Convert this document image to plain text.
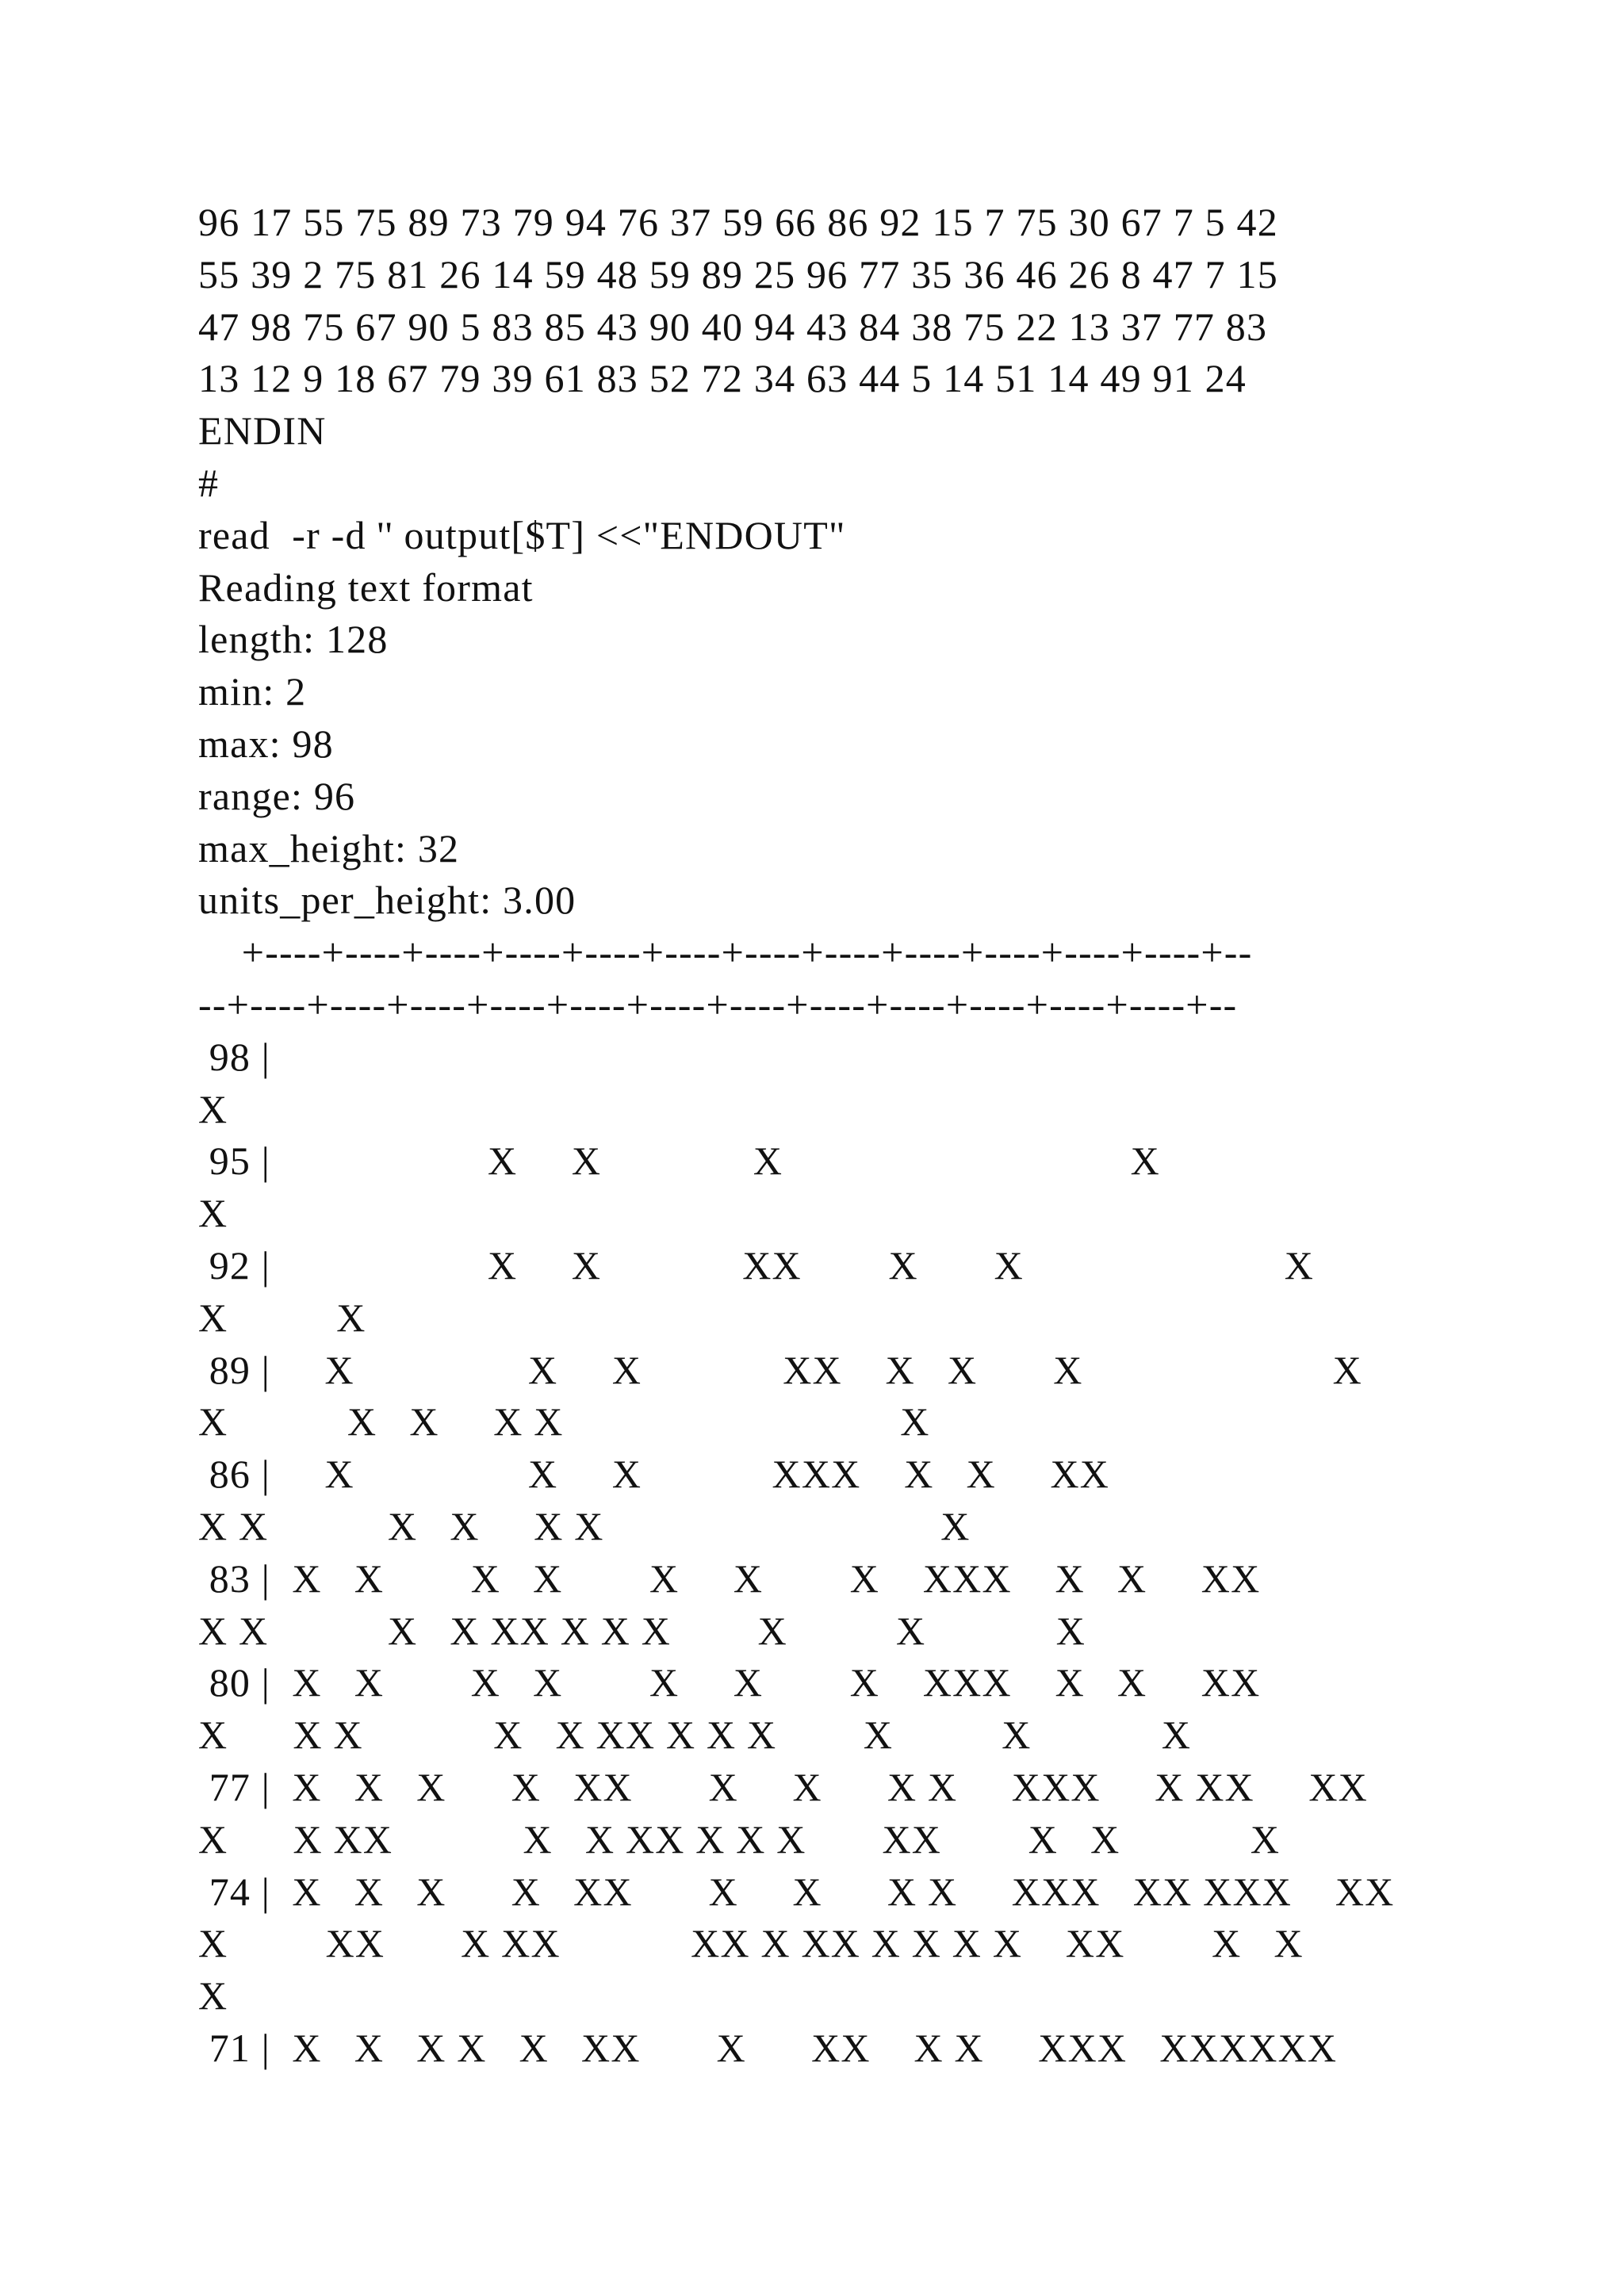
96 17 55 75 89 73 79 94 76 37 59 66 86 92 15 7 75 30 67 7 5 42
55 39 2 75 81 26 14 59 48 59 89 25 96 77 35 36 46 26 8 47 7 15
47 98 75 67 90 5 83 85 43 90 40 94 43 84 38 75 22 13 37 77 83
13 12 9 18 67 79 39 61 83 52 72 34 63 44 5 14 51 14 49 91 24
ENDIN
#
read  -r -d '' output[$T] <<"ENDOUT"
Reading text format
length: 128
min: 2
max: 98
range: 96
max_height: 32
units_per_height: 3.00
+----+----+----+----+----+----+----+----+----+----+----+----+--
--+----+----+----+----+----+----+----+----+----+----+----+----+--
98 |
X
95 |                    X     X              X                                X
X
92 |                    X     X             XX        X       X                        X
X          X
89 |     X                X     X             XX    X   X       X                       X
X           X   X     X X                               X
86 |     X                X     X            XXX    X   X     XX
X X           X   X     X X                               X
83 |  X   X        X   X        X     X        X    XXX    X   X     XX
X X           X   X XX X X X        X          X            X
80 |  X   X        X   X        X     X        X    XXX    X   X     XX
X      X X            X   X XX X X X        X          X            X
77 |  X   X   X      X   XX       X     X      X X     XXX     X XX     XX
X      X XX            X   X XX X X X       XX        X   X            X
74 |  X   X   X      X   XX       X     X      X X     XXX   XX XXX    XX
X         XX       X XX            XX X XX X X X X    XX        X   X
X
71 |  X   X   X X   X   XX       X      XX    X X     XXX   XXXXXX
